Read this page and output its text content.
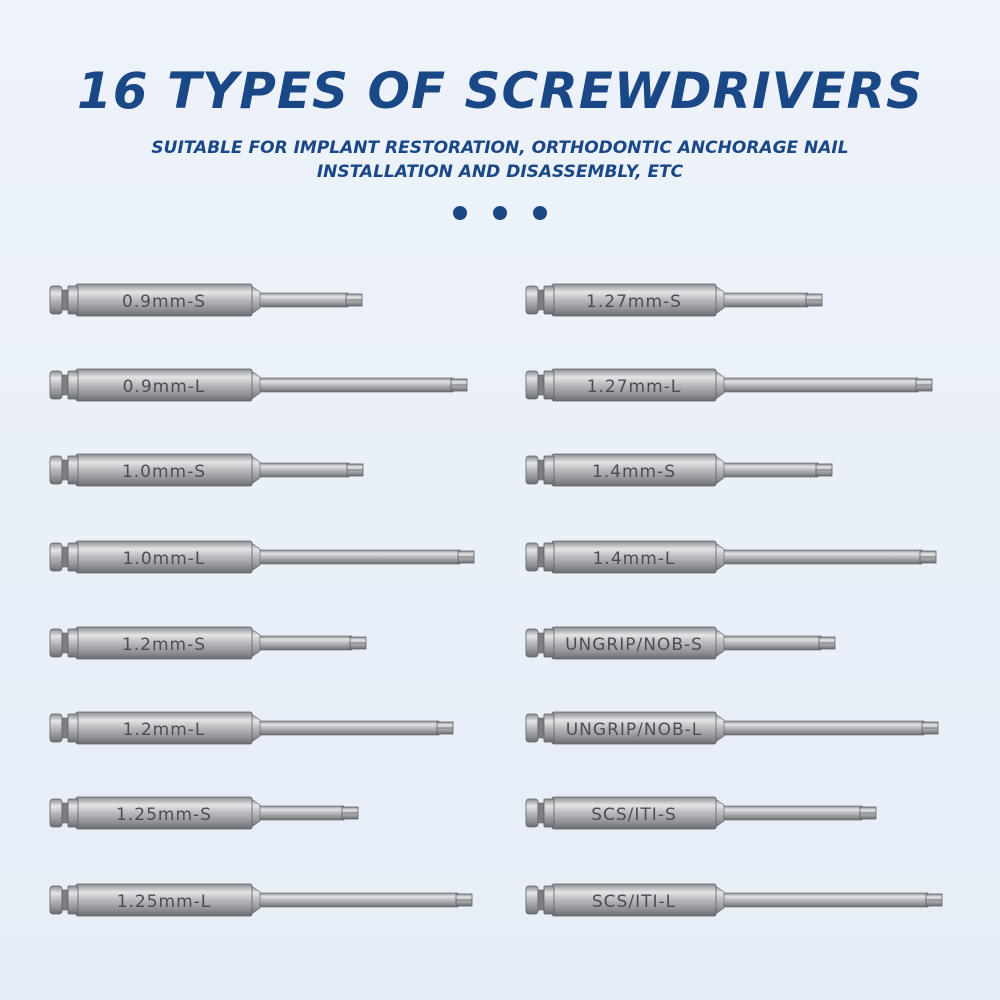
16 TYPES OF SCREWDRIVERS
SUITABLE FOR IMPLANT RESTORATION, ORTHODONTIC ANCHORAGE NAIL
INSTALLATION AND DISASSEMBLY, ETC
0.9mm-S
0.9mm-L
1.0mm-S
1.0mm-L
1.2mm-S
1.2mm-L
1.25mm-S
1.25mm-L
1.27mm-S
1.27mm-L
1.4mm-S
1.4mm-L
UNGRIP/NOB-S
UNGRIP/NOB-L
SCS/ITI-S
SCS/ITI-L
